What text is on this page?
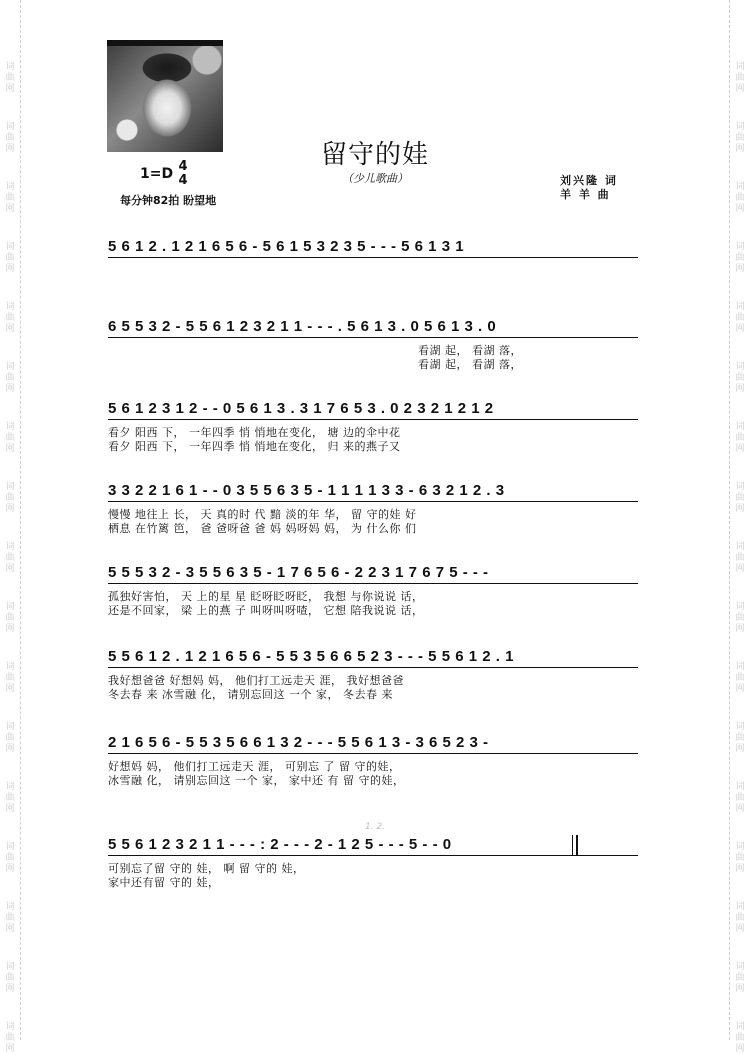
词
曲
网
词
曲
网
词
曲
网
词
曲
网
词
曲
网
词
曲
网
词
曲
网
词
曲
网
词
曲
网
词
曲
网
词
曲
网
词
曲
网
词
曲
网
词
曲
网
词
曲
网
词
曲
网
词
曲
网
词
曲
网
词
曲
网
词
曲
网
词
曲
网
词
曲
网
词
曲
网
词
曲
网
词
曲
网
词
曲
网
词
曲
网
词
曲
网
词
曲
网
词
曲
网
词
曲
网
词
曲
网
词
曲
网
词
曲
网
留守的娃
（少儿歌曲）
1=D 4
4
每分钟82拍 盼望地
刘兴隆 词
羊 羊 曲
5 6 1 2 . 1 2 1 6 5 6 - 5 6 1 5 3 2 3 5 - - - 5 6 1 3 1
6 5 5 3 2 - 5 5 6 1 2 3 2 1 1 - - - . 5 6 1 3 . 0 5 6 1 3 . 0
看湖 起， 看湖 落，
看湖 起， 看湖 落，
5 6 1 2 3 1 2 - - 0 5 6 1 3 . 3 1 7 6 5 3 . 0 2 3 2 1 2 1 2
看夕 阳西 下， 一年四季 悄 悄地在变化， 塘 边的伞中花
看夕 阳西 下， 一年四季 悄 悄地在变化， 归 来的燕子又
3 3 2 2 1 6 1 - - 0 3 5 5 6 3 5 - 1 1 1 1 3 3 - 6 3 2 1 2 . 3
慢慢 地往上 长， 天 真的时 代 黯 淡的年 华， 留 守的娃 好
栖息 在竹篱 笆， 爸 爸呀爸 爸 妈 妈呀妈 妈， 为 什么你 们
5 5 5 3 2 - 3 5 5 6 3 5 - 1 7 6 5 6 - 2 2 3 1 7 6 7 5 - - -
孤独好害怕， 天 上的星 星 眨呀眨呀眨， 我想 与你说说 话，
还是不回家， 梁 上的燕 子 叫呀叫呀喳， 它想 陪我说说 话，
5 5 6 1 2 . 1 2 1 6 5 6 - 5 5 3 5 6 6 5 2 3 - - - 5 5 6 1 2 . 1
我好想爸爸 好想妈 妈， 他们打工远走天 涯， 我好想爸爸
冬去春 来 冰雪融 化， 请别忘回这 一个 家， 冬去春 来
2 1 6 5 6 - 5 5 3 5 6 6 1 3 2 - - - 5 5 6 1 3 - 3 6 5 2 3 -
好想妈 妈， 他们打工远走天 涯， 可别忘 了 留 守的娃，
冰雪融 化， 请别忘回这 一个 家， 家中还 有 留 守的娃，
1. 2.
5 5 6 1 2 3 2 1 1 - - - : 2 - - - 2 - 1 2 5 - - - 5 - - 0
可别忘了留 守的 娃， 啊 留 守的 娃，
家中还有留 守的 娃，
